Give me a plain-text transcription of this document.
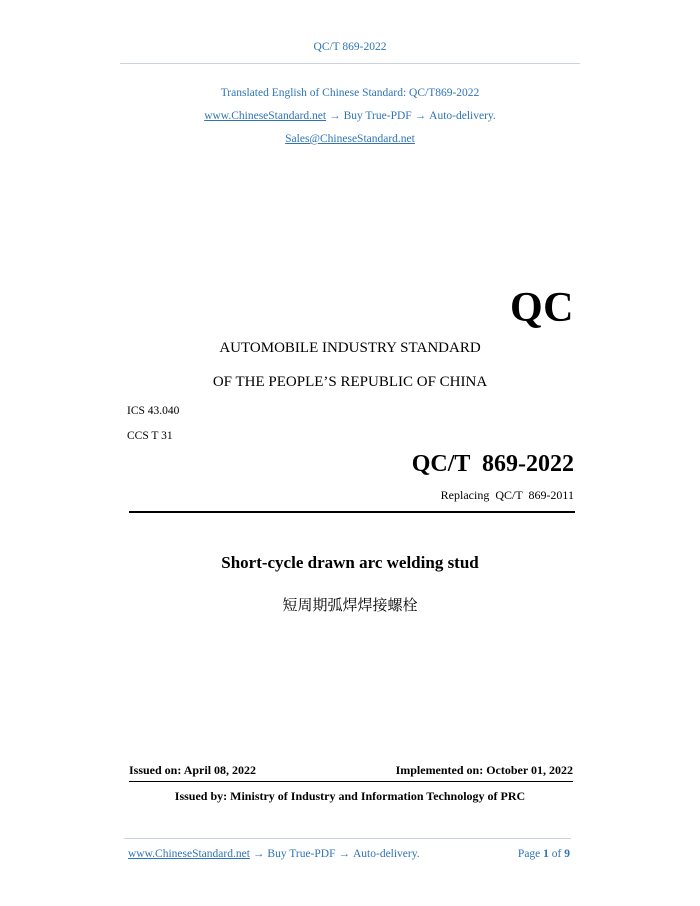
QC/T 869-2022
Translated English of Chinese Standard: QC/T869-2022
www.ChineseStandard.net → Buy True-PDF → Auto-delivery.
Sales@ChineseStandard.net
QC
AUTOMOBILE INDUSTRY STANDARD
OF THE PEOPLE’S REPUBLIC OF CHINA
ICS 43.040
CCS T 31
QC/T  869-2022
Replacing  QC/T  869-2011
Short-cycle drawn arc welding stud
短周期弧焊焊接螺栓
Issued on: April 08, 2022	Implemented on: October 01, 2022
Issued by: Ministry of Industry and Information Technology of PRC
www.ChineseStandard.net → Buy True-PDF → Auto-delivery.	Page 1 of 9
